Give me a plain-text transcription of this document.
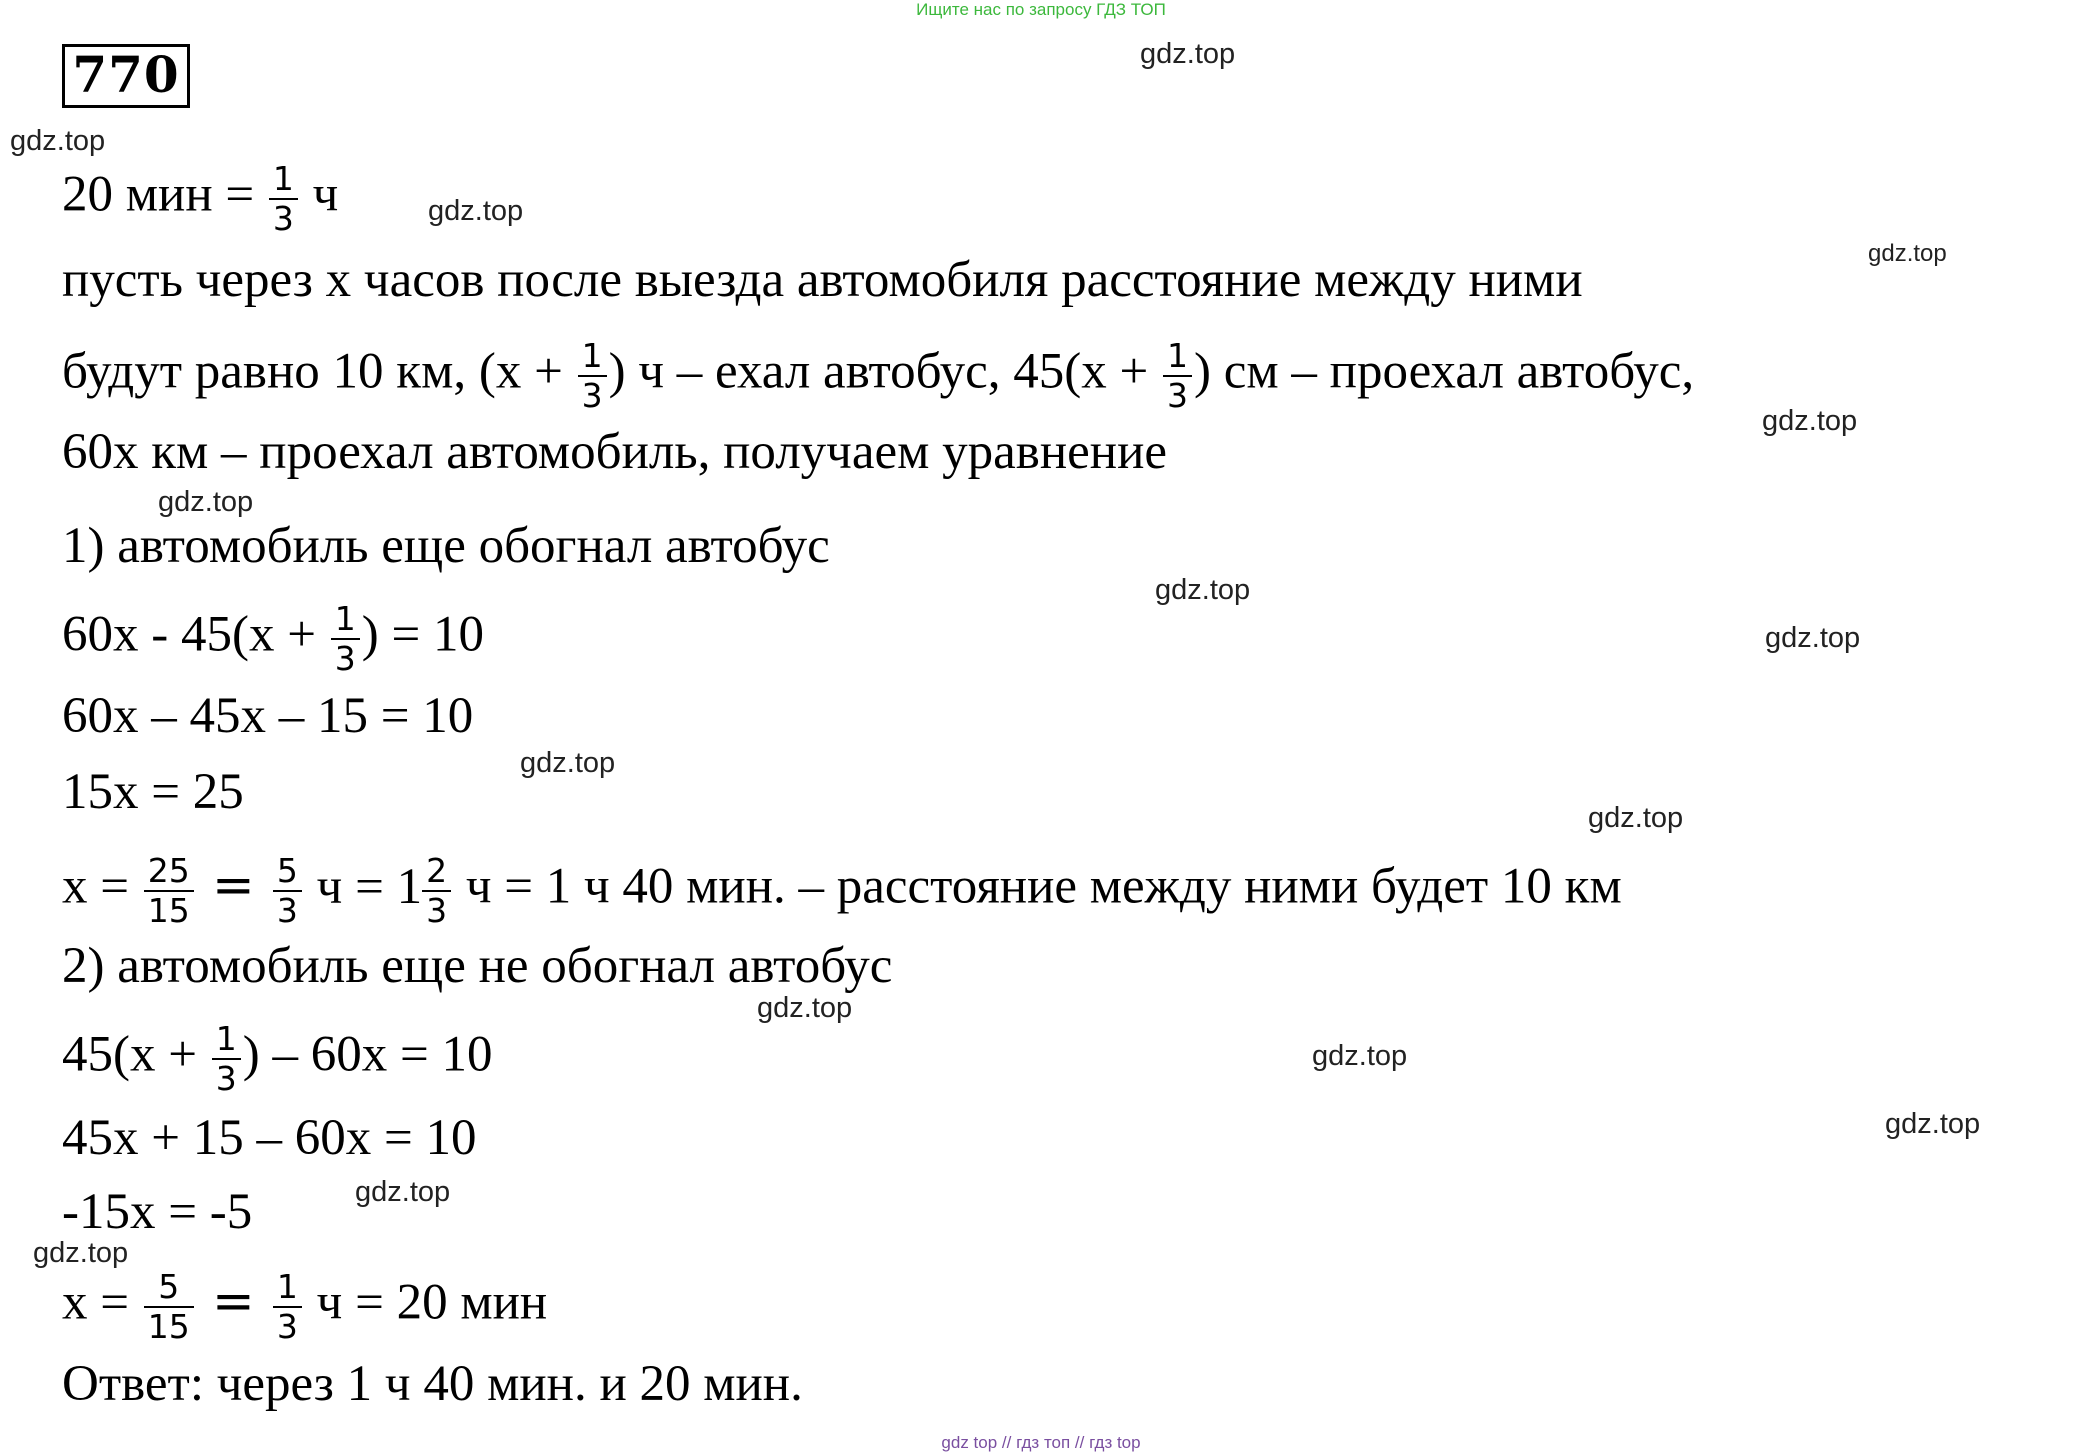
Ищите нас по запросу ГДЗ ТОП
770	gdz.top
gdz.top
gdz.top
gdz.top
gdz.top
gdz.top
gdz.top
gdz.top
gdz.top
gdz.top
gdz.top
gdz.top
gdz.top
gdz.top
gdz.top
20 мин = $\frac{1}{3}$ ч
пусть через x часов после выезда автомобиля расстояние между ними
будут равно 10 км, ($x + \frac{1}{3}$ ) ч – ехал автобус, $45(x + \frac{1}{3}$ ) см – проехал автобус,
60x км – проехал автомобиль, получаем уравнение
1) автомобиль еще обогнал автобус
$60x - 45(x + \frac{1}{3}$ ) = 10
60x – 45x – 15 = 10
15x = 25
$x = \frac{25}{15} = \frac{5}{3}$ $ч = 1 \frac{2}{3}$ ч = 1 ч 40 мин. – расстояние между ними будет 10 км
2) автомобиль еще не обогнал автобус
$45(x + \frac{1}{3}$ ) – 60x = 10
45x + 15 – 60x = 10
-15x = -5
$x = \frac{5}{15} = \frac{1}{3}$ ч = 20 мин
Ответ: через 1 ч 40 мин. и 20 мин.
gdz top // гдз топ // гдз top
